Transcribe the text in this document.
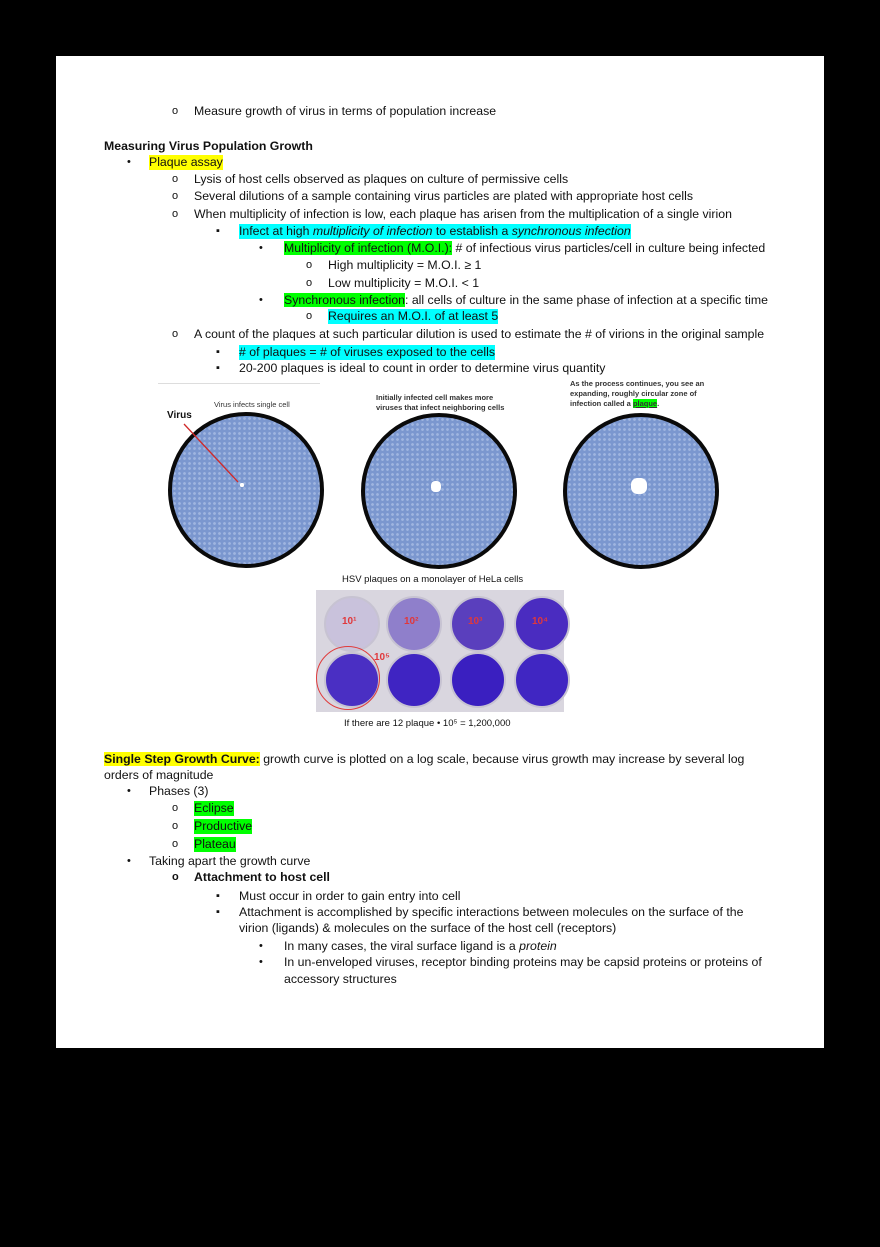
o Measure growth of virus in terms of population increase
Measuring Virus Population Growth
• Plaque assay
o Lysis of host cells observed as plaques on culture of permissive cells
o Several dilutions of a sample containing virus particles are plated with appropriate host cells
o When multiplicity of infection is low, each plaque has arisen from the multiplication of a single virion
▪ Infect at high multiplicity of infection to establish a synchronous infection
• Multiplicity of infection (M.O.I.): # of infectious virus particles/cell in culture being infected
o High multiplicity = M.O.I. ≥ 1
o Low multiplicity = M.O.I. < 1
• Synchronous infection: all cells of culture in the same phase of infection at a specific time
o Requires an M.O.I. of at least 5
o A count of the plaques at such particular dilution is used to estimate the # of virions in the original sample
▪ # of plaques = # of viruses exposed to the cells
▪ 20-200 plaques is ideal to count in order to determine virus quantity
Virus infects single cell
Virus
Initially infected cell makes more
viruses that infect neighboring cells
As the process continues, you see an
expanding, roughly circular zone of
infection called a plaque.
HSV plaques on a monolayer of HeLa cells
10¹	10²	10³	10⁴
10⁵
If there are 12 plaque • 10⁵ = 1,200,000
Single Step Growth Curve: growth curve is plotted on a log scale, because virus growth may increase by several log
orders of magnitude
• Phases (3)
o Eclipse
o Productive
o Plateau
• Taking apart the growth curve
o Attachment to host cell
▪ Must occur in order to gain entry into cell
▪ Attachment is accomplished by specific interactions between molecules on the surface of the
virion (ligands) & molecules on the surface of the host cell (receptors)
• In many cases, the viral surface ligand is a protein
• In un-enveloped viruses, receptor binding proteins may be capsid proteins or proteins of
accessory structures
